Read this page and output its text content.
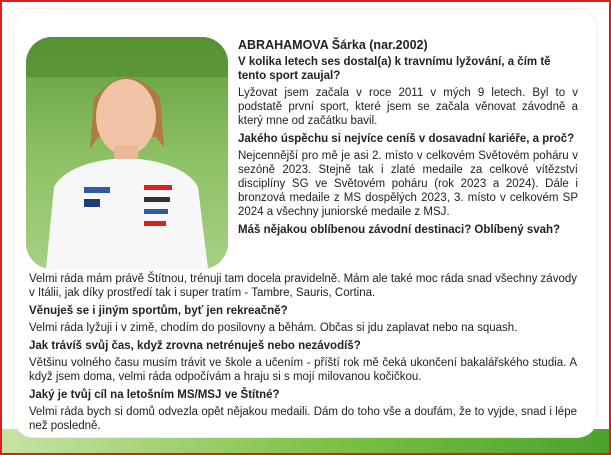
ABRAHAMOVA Šárka (nar.2002)
V kolika letech ses dostal(a) k travnímu lyžování, a čím tě tento sport zaujal?
Lyžovat jsem začala v roce 2011 v mých 9 letech. Byl to v podstatě první sport, které jsem se začala věnovat závodně a který mne od začátku bavil.
Jakého úspěchu si nejvíce ceníš v dosavadní kariéře, a proč?
Nejcennější pro mě je asi 2. místo v celkovém Světovém poháru v sezóně 2023. Stejně tak i zlaté medaile za celkové vítězství disciplíny SG ve Světovém poháru (rok 2023 a 2024). Dále i bronzová medaile z MS dospělých 2023, 3. místo v celkovém SP 2024 a všechny juniorské medaile z MSJ.
Máš nějakou oblíbenou závodní destinaci? Oblíbený svah?
Velmi ráda mám právě Štítnou, trénuji tam docela pravidelně. Mám ale také moc ráda snad všechny závody v Itálii, jak díky prostředí tak i super tratím - Tambre, Sauris, Cortina.
Věnuješ se i jiným sportům, byť jen rekreačně?
Velmi ráda lyžuji i v zimě, chodím do posilovny a běhám. Občas si jdu zaplavat nebo na squash.
Jak trávíš svůj čas, když zrovna netrénuješ nebo nezávodíš?
Většinu volného času musím trávit ve škole a učením - příští rok mě čeká ukončení bakalářského studia. A když jsem doma, velmi ráda odpočívám a hraju si s mojí milovanou kočičkou.
Jaký je tvůj cíl na letošním MS/MSJ ve Štítné?
Velmi ráda bych si domů odvezla opět nějakou medaili. Dám do toho vše a doufám, že to vyjde, snad i lépe než posledně.
